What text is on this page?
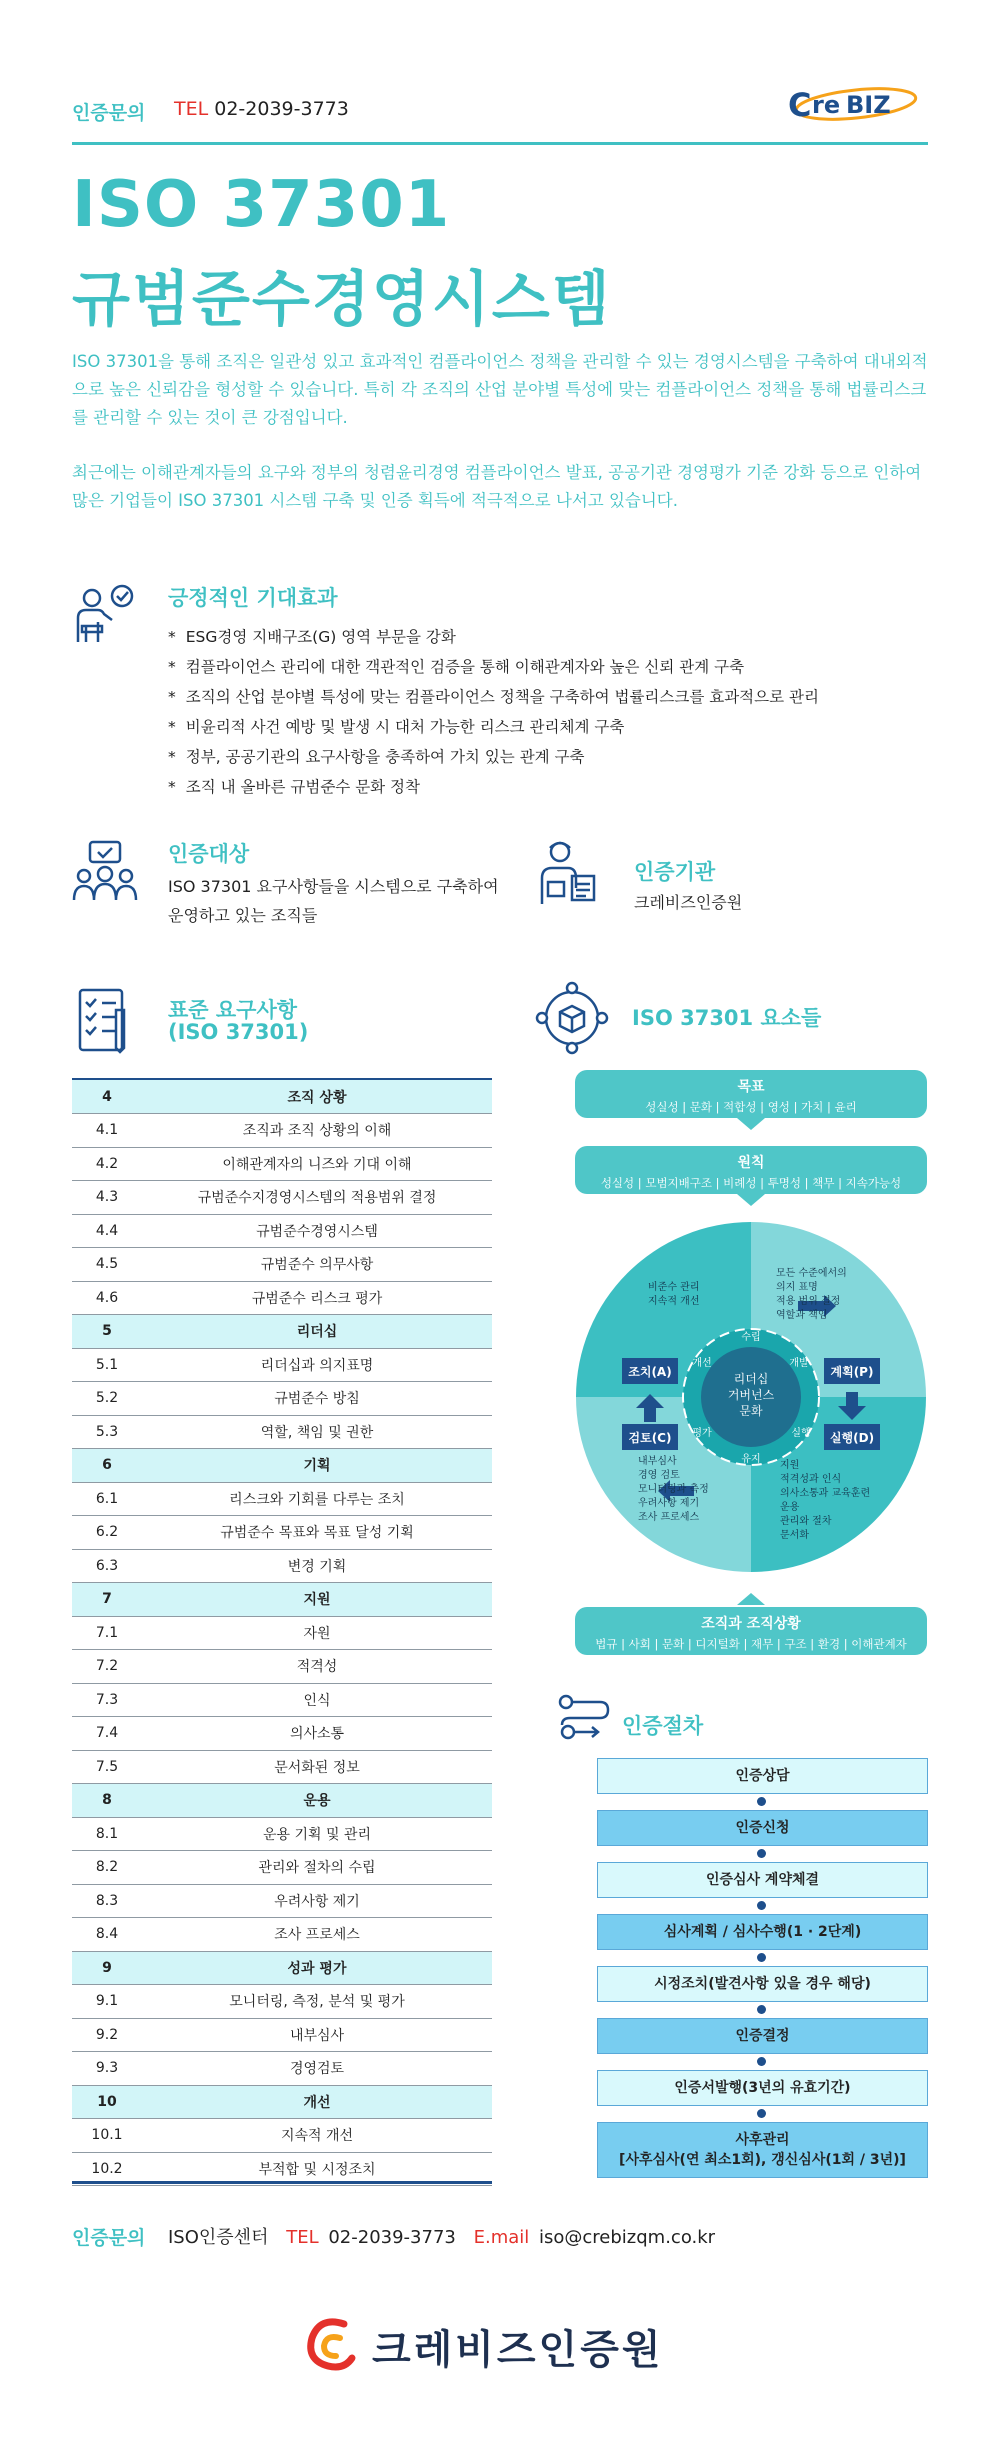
인증문의 TEL 02-2039-3773	C re BIZ
ISO 37301
규범준수경영시스템
ISO 37301을 통해 조직은 일관성 있고 효과적인 컴플라이언스 정책을 관리할 수 있는 경영시스템을 구축하여 대내외적으로 높은 신뢰감을 형성할 수 있습니다. 특히 각 조직의 산업 분야별 특성에 맞는 컴플라이언스 정책을 통해 법률리스크를 관리할 수 있는 것이 큰 강점입니다.
최근에는 이해관계자들의 요구와 정부의 청렴윤리경영 컴플라이언스 발표, 공공기관 경영평가 기준 강화 등으로 인하여 많은 기업들이 ISO 37301 시스템 구축 및 인증 획득에 적극적으로 나서고 있습니다.
긍정적인 기대효과
* ESG경영 지배구조(G) 영역 부문을 강화
* 컴플라이언스 관리에 대한 객관적인 검증을 통해 이해관계자와 높은 신뢰 관계 구축
* 조직의 산업 분야별 특성에 맞는 컴플라이언스 정책을 구축하여 법률리스크를 효과적으로 관리
* 비윤리적 사건 예방 및 발생 시 대처 가능한 리스크 관리체계 구축
* 정부, 공공기관의 요구사항을 충족하여 가치 있는 관계 구축
* 조직 내 올바른 규범준수 문화 정착
인증대상
ISO 37301 요구사항들을 시스템으로 구축하여
운영하고 있는 조직들
인증기관
크레비즈인증원
표준 요구사항
(ISO 37301)
4	조직 상황
4.1	조직과 조직 상황의 이해
4.2	이해관계자의 니즈와 기대 이해
4.3	규범준수지경영시스템의 적용범위 결정
4.4	규범준수경영시스템
4.5	규범준수 의무사항
4.6	규범준수 리스크 평가
5	리더십
5.1	리더십과 의지표명
5.2	규범준수 방침
5.3	역할, 책임 및 권한
6	기획
6.1	리스크와 기회를 다루는 조치
6.2	규범준수 목표와 목표 달성 기획
6.3	변경 기획
7	지원
7.1	자원
7.2	적격성
7.3	인식
7.4	의사소통
7.5	문서화된 정보
8	운용
8.1	운용 기획 및 관리
8.2	관리와 절차의 수립
8.3	우려사항 제기
8.4	조사 프로세스
9	성과 평가
9.1	모니터링, 측정, 분석 및 평가
9.2	내부심사
9.3	경영검토
10	개선
10.1	지속적 개선
10.2	부적합 및 시정조치
ISO 37301 요소들
목표
성실성 | 문화 | 적합성 | 영성 | 가치 | 윤리
원칙
성실성 | 모범지배구조 | 비례성 | 투명성 | 책무 | 지속가능성
리더십
거버넌스
문화
수립
개발
실행
유지
평가
개선
조치(A)	계획(P)
실행(D)
검토(C)
비준수 관리
지속적 개선
모든 수준에서의
의지 표명
적용 범위 결정
역할과 책임
내부심사
경영 검토
모니터링과 측정
우려사항 제기
조사 프로세스
지원
적격성과 인식
의사소통과 교육훈련
운용
관리와 절차
문서화
조직과 조직상황
법규 | 사회 | 문화 | 디지털화 | 재무 | 구조 | 환경 | 이해관계자
인증절차
인증상담
인증신청
인증심사 계약체결
심사계획 / 심사수행(1 · 2단계)
시정조치(발견사항 있을 경우 해당)
인증결정
인증서발행(3년의 유효기간)
사후관리
[사후심사(연 최소1회), 갱신심사(1회 / 3년)]
인증문의 ISO인증센터 TEL 02-2039-3773 E.mail iso@crebizqm.co.kr
크레비즈인증원
